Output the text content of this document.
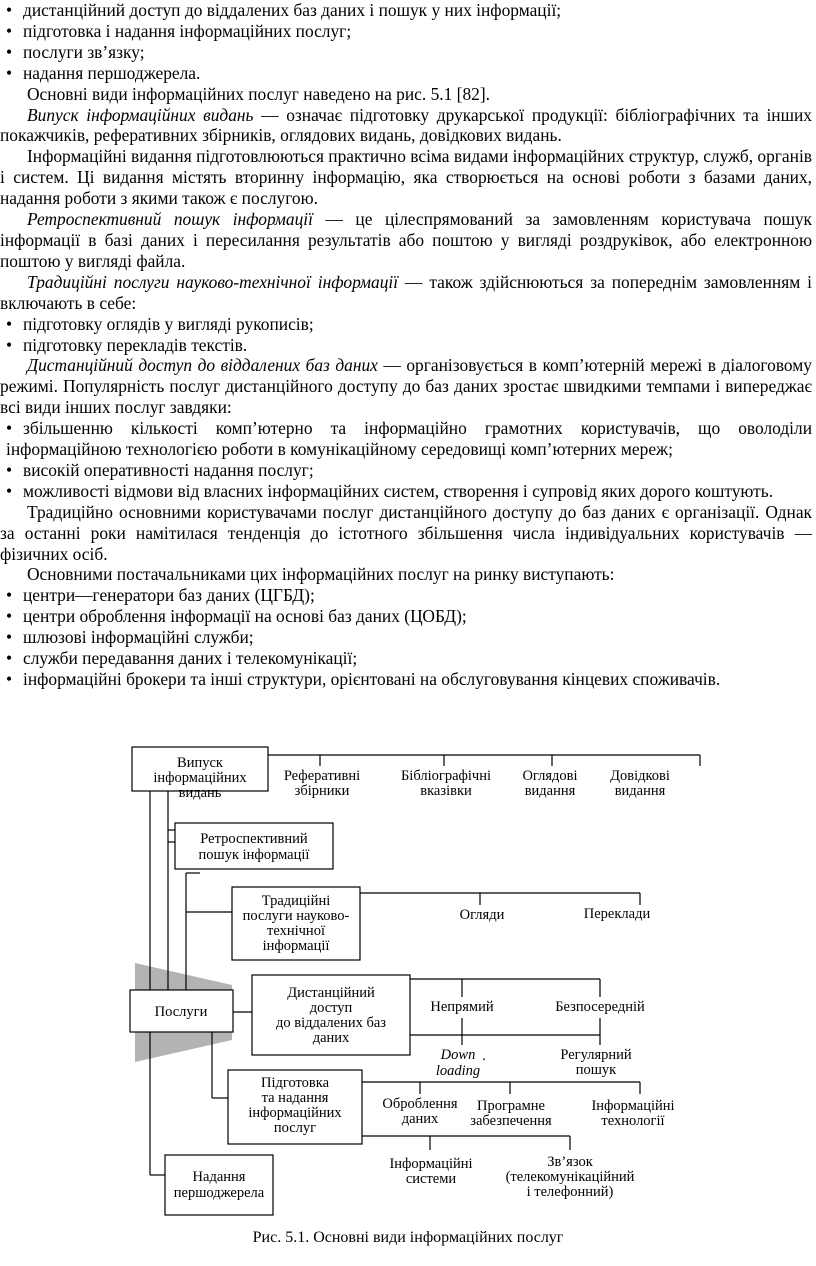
• дистанційний доступ до віддалених баз даних і пошук у них інформації;

• підготовка і надання інформаційних послуг;

• послуги зв’язку;

• надання першоджерела.

Основні види інформаційних послуг наведено на рис. 5.1 [82].

Випуск інформаційних видань — означає підготовку друкарської продукції: бібліографічних та інших покажчиків, реферативних збірників, оглядових видань, довідкових видань.

Інформаційні видання підготовлюються практично всіма видами інформаційних структур, служб, органів і систем. Ці видання містять вторинну інформацію, яка створюється на основі роботи з базами даних, надання роботи з якими також є послугою.

Ретроспективний пошук інформації — це цілеспрямований за замовленням користувача пошук інформації в базі даних і пересилання результатів або поштою у вигляді роздруківок, або електронною поштою у вигляді файла.

Традиційні послуги науково-технічної інформації — також здійснюються за попереднім замовленням і включають в себе:

• підготовку оглядів у вигляді рукописів;

• підготовку перекладів текстів.

Дистанційний доступ до віддалених баз даних — організовується в комп’ютерній мережі в діалоговому режимі. Популярність послуг дистанційного доступу до баз даних зростає швидкими темпами і випереджає всі види інших послуг завдяки:

• збільшенню кількості комп’ютерно та інформаційно грамотних користувачів, що оволоділи інформаційною технологією роботи в комунікаційному середовищі комп’ютерних мереж;

• високій оперативності надання послуг;

• можливості відмови від власних інформаційних систем, створення і супровід яких дорого коштують.

Традиційно основними користувачами послуг дистанційного доступу до баз даних є організації. Однак за останні роки намітилася тенденція до істотного збільшення числа індивідуальних користувачів — фізичних осіб.

Основними постачальниками цих інформаційних послуг на ринку виступають:

• центри—генератори баз даних (ЦГБД);

• центри оброблення інформації на основі баз даних (ЦОБД);

• шлюзові інформаційні служби;

• служби передавання даних і телекомунікації;

• інформаційні брокери та інші структури, орієнтовані на обслуговування кінцевих споживачів.

Випуск інформаційних видань
Ретроспективний пошук інформації
Традиційні послуги науково-технічної інформації
Послуги
Дистанційний доступ до віддалених баз даних
Підготовка та надання інформаційних послуг
Надання першоджерела
Реферативні збірники
Бібліографічні вказівки
Оглядові видання
Довідкові видання
Огляди	Переклади
Непрямий	Безпосередній
Down loading
·	Регулярний пошук
Оброблення даних
Програмне забезпечення
Інформаційні технології
Інформаційні системи
Зв’язок (телекомунікаційний і телефонний)
Рис. 5.1. Основні види інформаційних послуг
